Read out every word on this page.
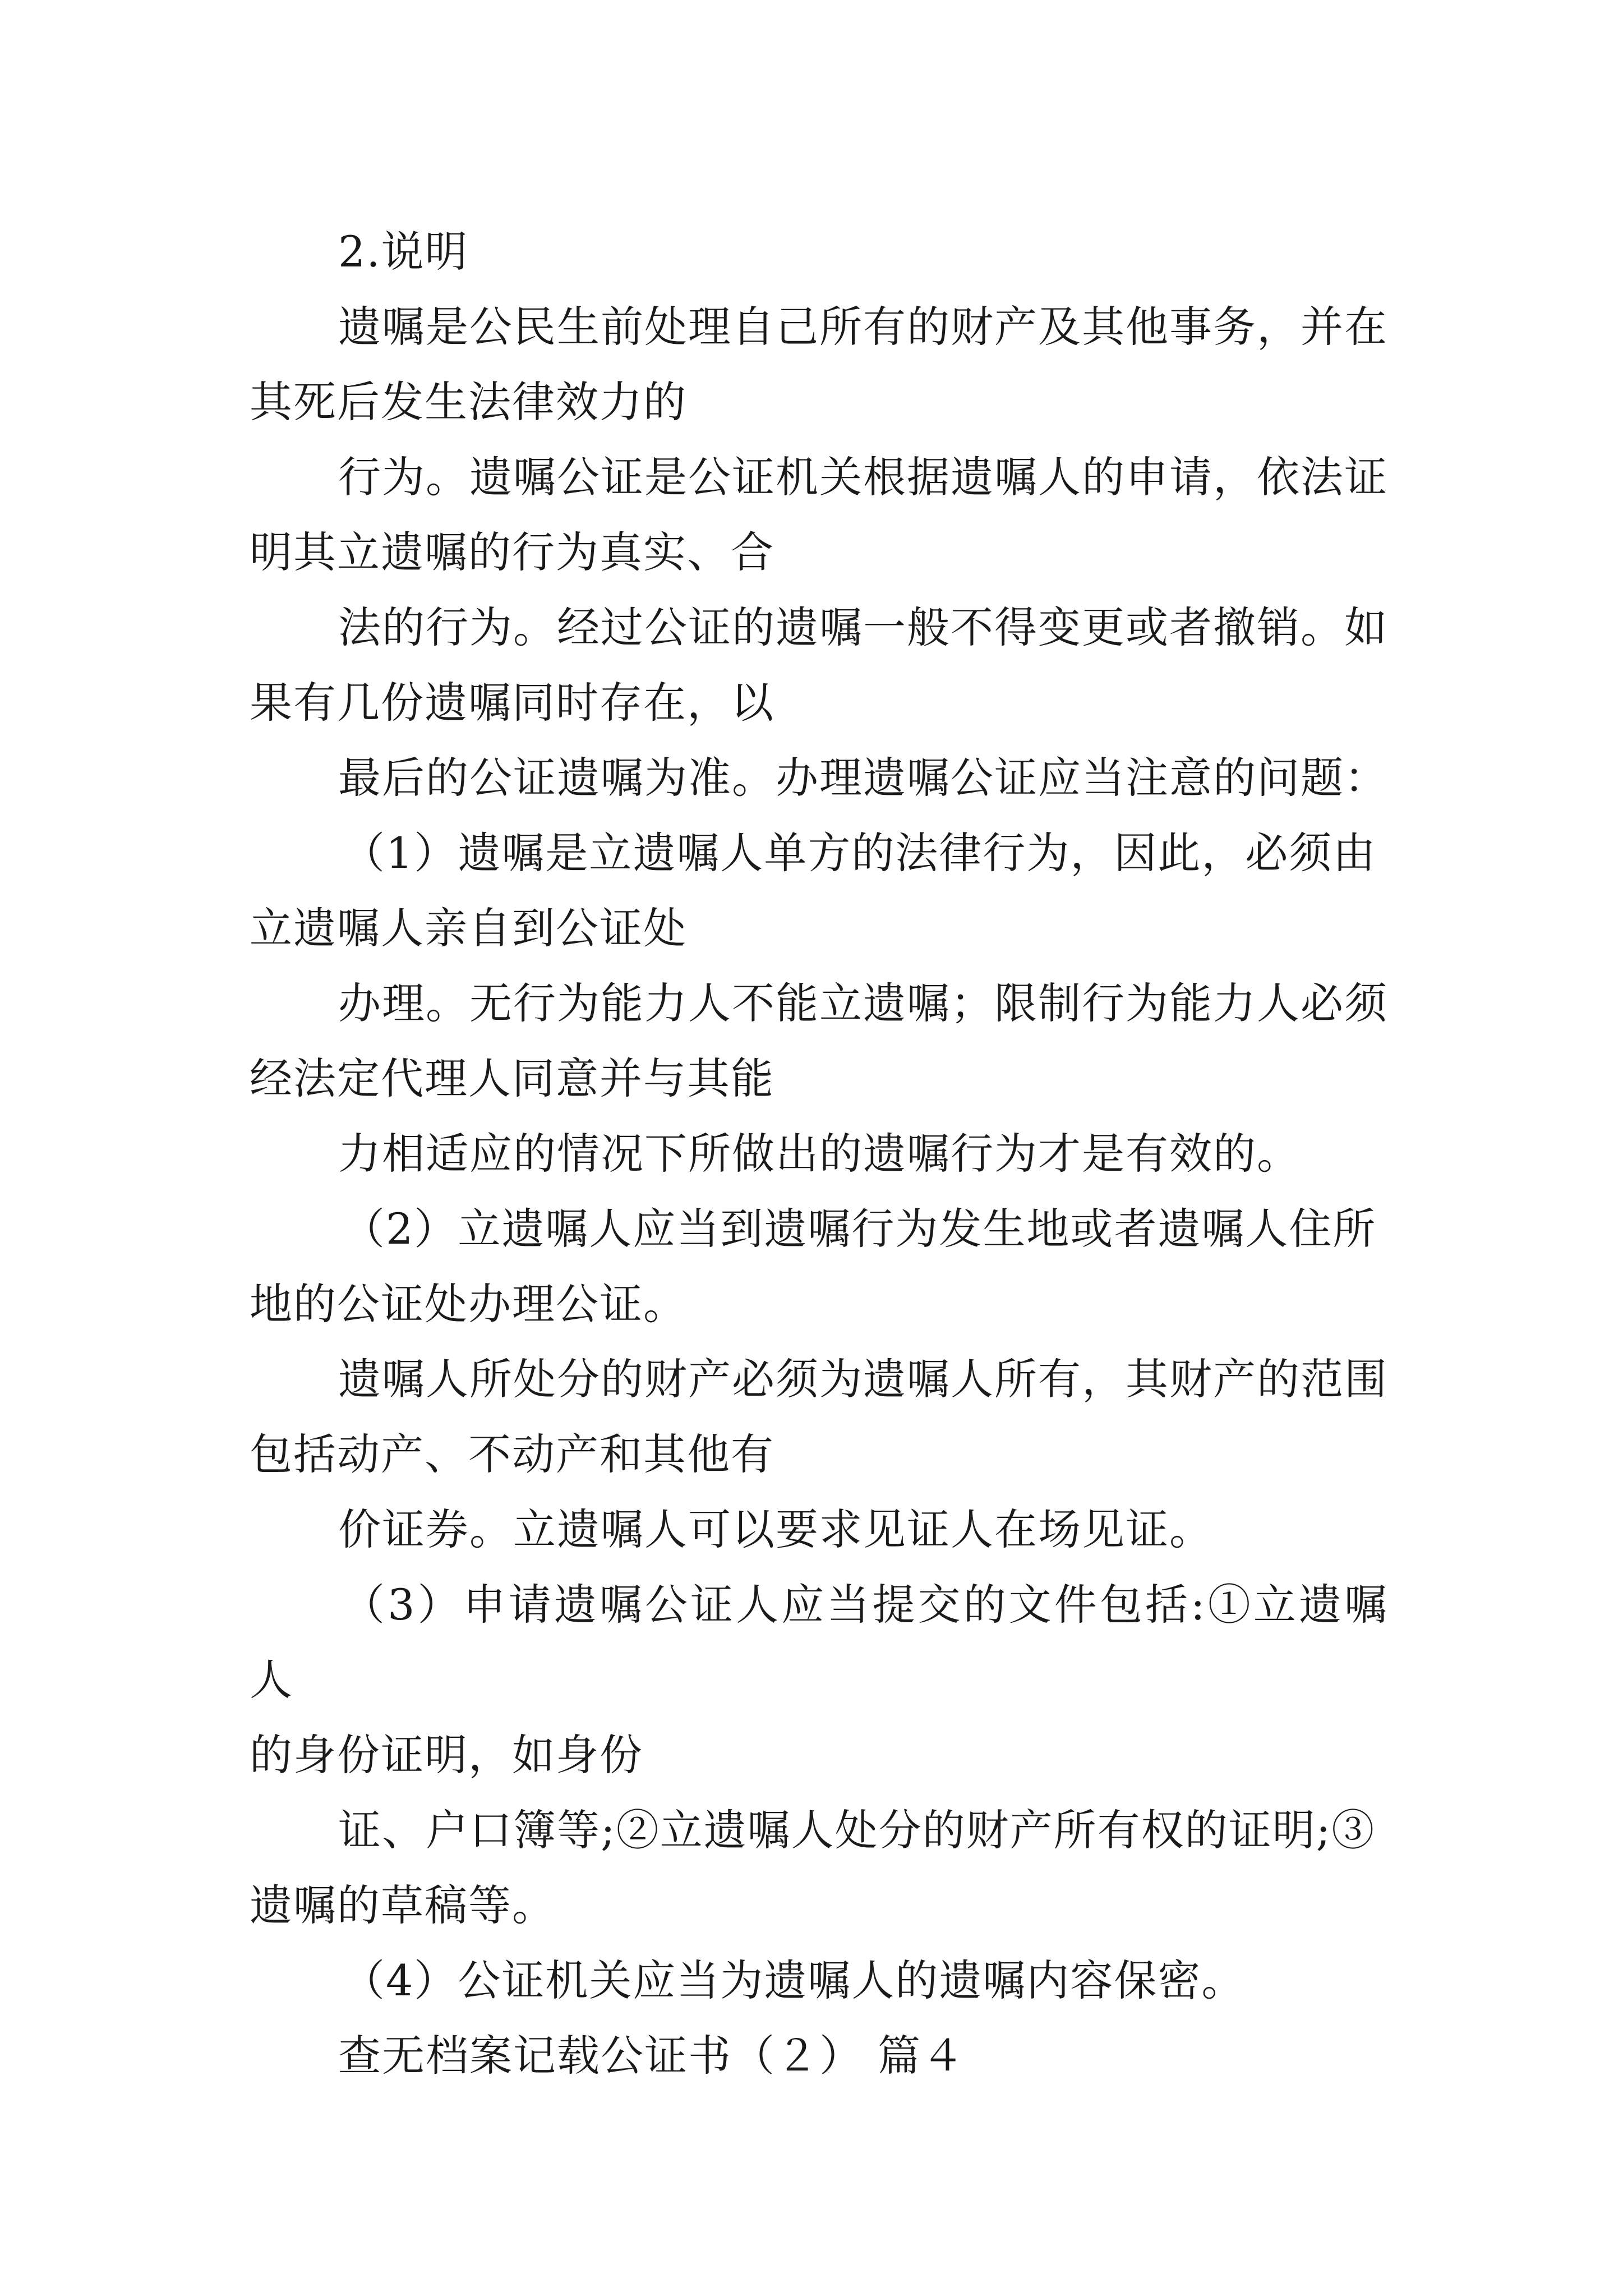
2.说明

遗嘱是公民生前处理自己所有的财产及其他事务，并在
其死后发生法律效力的

行为。遗嘱公证是公证机关根据遗嘱人的申请，依法证
明其立遗嘱的行为真实、合

法的行为。经过公证的遗嘱一般不得变更或者撤销。如
果有几份遗嘱同时存在，以

最后的公证遗嘱为准。办理遗嘱公证应当注意的问题：

（1）遗嘱是立遗嘱人单方的法律行为，因此，必须由
立遗嘱人亲自到公证处

办理。无行为能力人不能立遗嘱；限制行为能力人必须
经法定代理人同意并与其能

力相适应的情况下所做出的遗嘱行为才是有效的。

（2）立遗嘱人应当到遗嘱行为发生地或者遗嘱人住所
地的公证处办理公证。

遗嘱人所处分的财产必须为遗嘱人所有，其财产的范围
包括动产、不动产和其他有

价证券。立遗嘱人可以要求见证人在场见证。

（3）申请遗嘱公证人应当提交的文件包括:①立遗嘱人
的身份证明，如身份

证、户口簿等;②立遗嘱人处分的财产所有权的证明;③
遗嘱的草稿等。

（4）公证机关应当为遗嘱人的遗嘱内容保密。

查无档案记载公证书（２） 篇４
